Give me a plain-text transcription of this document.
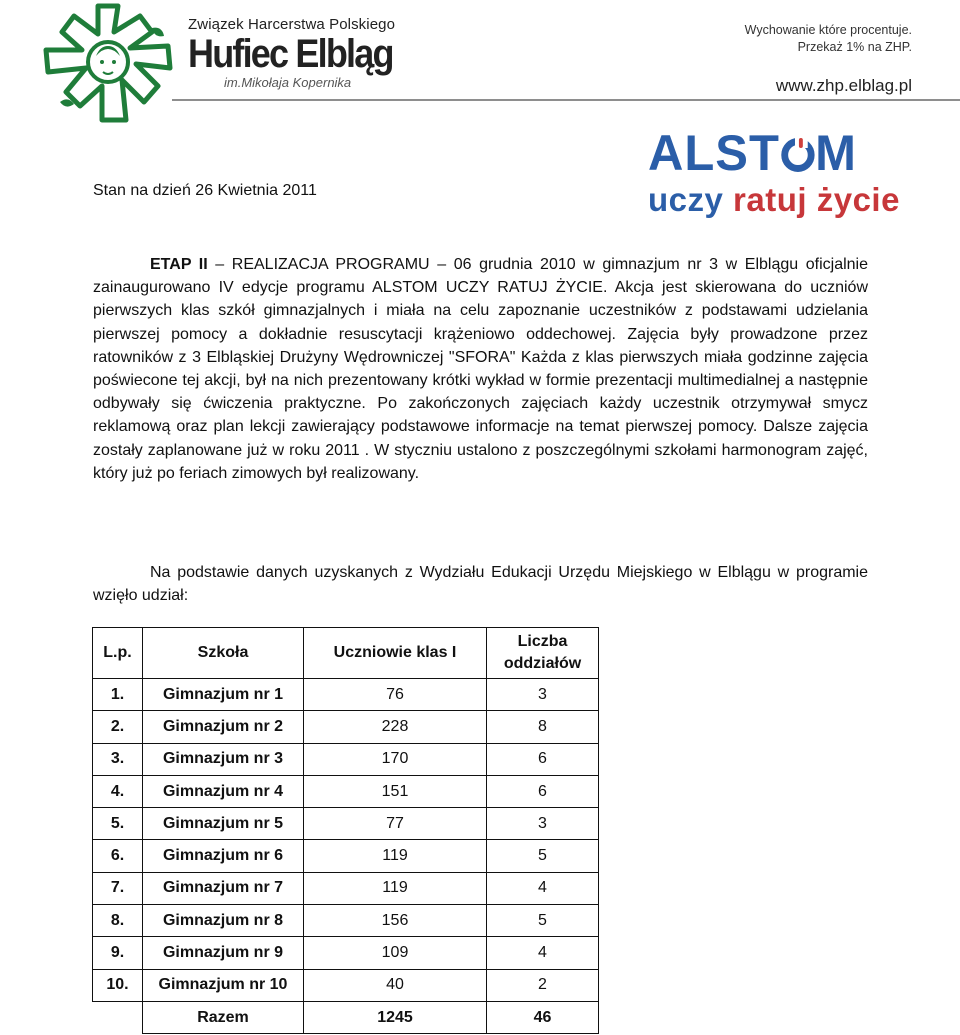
Związek Harcerstwa Polskiego
Hufiec Elbląg
im.Mikołaja Kopernika
Wychowanie które procentuje.
Przekaż 1% na ZHP.
www.zhp.elblag.pl
ALST M
uczy ratuj życie
Stan na dzień 26 Kwietnia 2011
ETAP II – REALIZACJA PROGRAMU – 06 grudnia 2010 w gimnazjum nr 3 w Elblągu oficjalnie zainaugurowano IV edycje programu ALSTOM UCZY RATUJ ŻYCIE. Akcja jest skierowana do uczniów pierwszych klas szkół gimnazjalnych i miała na celu zapoznanie uczestników z podstawami udzielania pierwszej pomocy a dokładnie resuscytacji krążeniowo oddechowej. Zajęcia były prowadzone przez ratowników z 3 Elbląskiej Drużyny Wędrowniczej "SFORA" Każda z klas pierwszych miała godzinne zajęcia poświecone tej akcji, był na nich prezentowany krótki wykład w formie prezentacji multimedialnej a następnie odbywały się ćwiczenia praktyczne. Po zakończonych zajęciach każdy uczestnik otrzymywał smycz reklamową oraz plan lekcji zawierający podstawowe informacje na temat pierwszej pomocy. Dalsze zajęcia zostały zaplanowane już w roku 2011 . W styczniu ustalono z poszczególnymi szkołami harmonogram zajęć, który już po feriach zimowych był realizowany.
Na podstawie danych uzyskanych z Wydziału Edukacji Urzędu Miejskiego w Elblągu w programie wzięło udział:
L.p.	Szkoła	Uczniowie klas I	Liczba oddziałów
1.	Gimnazjum nr 1	76	3
2.	Gimnazjum nr 2	228	8
3.	Gimnazjum nr 3	170	6
4.	Gimnazjum nr 4	151	6
5.	Gimnazjum nr 5	77	3
6.	Gimnazjum nr 6	119	5
7.	Gimnazjum nr 7	119	4
8.	Gimnazjum nr 8	156	5
9.	Gimnazjum nr 9	109	4
10.	Gimnazjum nr 10	40	2
	Razem	1245	46
